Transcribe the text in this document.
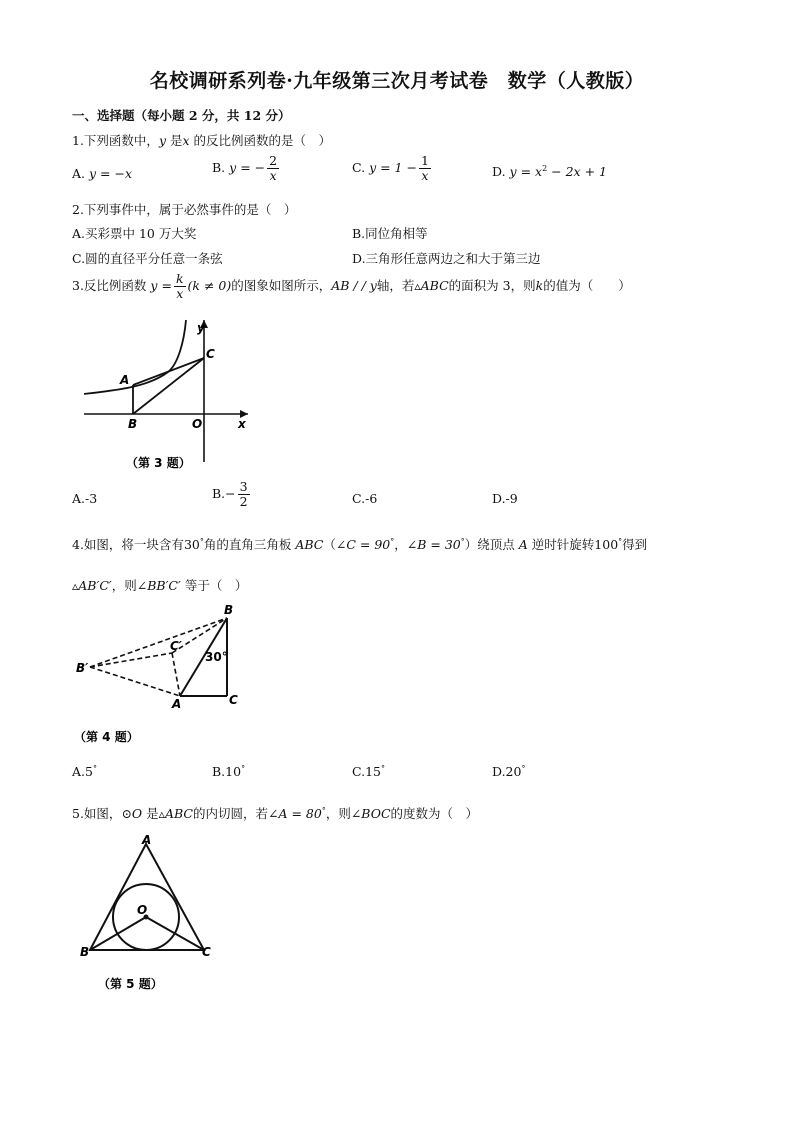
名校调研系列卷·九年级第三次月考试卷　数学（人教版）
一、选择题（每小题 2 分，共 12 分）
1.下列函数中，y 是x 的反比例函数的是（　）
A. y = −x	B. y = − $\frac{2}{x}$	C. $y = 1 - \frac{1}{x}$	D. $y = x^2 - 2x + 1$
2.下列事件中，属于必然事件的是（　）
A.买彩票中 10 万大奖	B.同位角相等
C.圆的直径平分任意一条弦	D.三角形任意两边之和大于第三边
3.反比例函数 $y = \frac{k}{x} (k \ne 0)$的图象如图所示，AB / / y轴，若▵ABC的面积为 3，则k的值为（　　）
y
C
A
B	O	x
（第 3 题）
A.-3	$B.- \frac{3}{2}$	C.-6	D.-9
4.如图，将一块含有30°角的直角三角板 ABC（∠C = 90°，∠B = 30°）绕顶点 A 逆时针旋转100°得到
▵AB′C′，则∠BB′C′ 等于（　）
B
C′
B′
30°
A	C
（第 4 题）
A.5°	B.10°	C.15°	D.20°
5.如图，⊙O 是▵ABC的内切圆，若∠A = 80°，则∠BOC的度数为（　）
A
O
B	C
（第 5 题）
